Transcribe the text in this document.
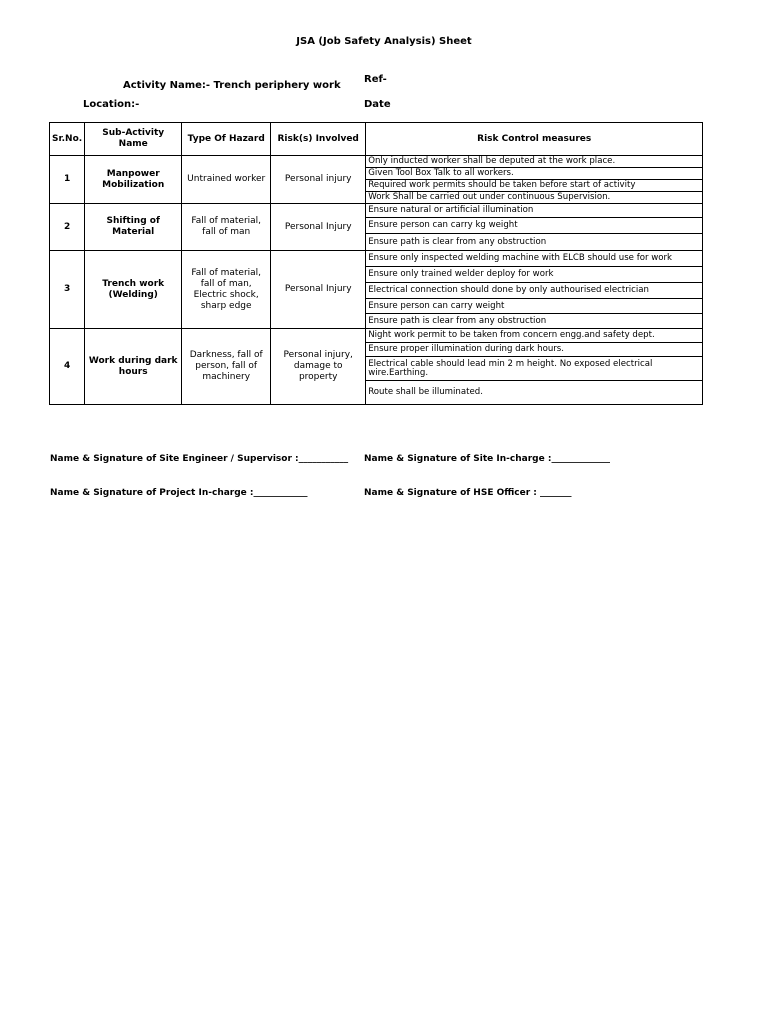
JSA (Job Safety Analysis) Sheet
Activity Name:- Trench periphery work
Ref-
Location:-	Date
Sr.No.	Sub-Activity Name	Type Of Hazard	Risk(s) Involved	Risk Control measures
1	Manpower Mobilization	Untrained worker	Personal injury	Only inducted worker shall be deputed at the work place.
				Given Tool Box Talk to all workers.
				Required work permits should be taken before start of activity
				Work Shall be carried out under continuous Supervision.
2	Shifting of Material	Fall of material, fall of man	Personal Injury	Ensure natural or artificial illumination
				Ensure person can carry kg weight
				Ensure path is clear from any obstruction
3	Trench work (Welding)	Fall of material, fall of man, Electric shock, sharp edge	Personal Injury	Ensure only inspected welding machine with ELCB should use for work
				Ensure only trained welder deploy for work
				Electrical connection should done by only authourised electrician
				Ensure person can carry weight
				Ensure path is clear from any obstruction
4	Work during dark hours	Darkness, fall of person, fall of machinery	Personal injury, damage to property	Night work permit to be taken from concern engg.and safety dept.
				Ensure proper illumination during dark hours.
				Electrical cable should lead min 2 m height. No exposed electrical wire.Earthing.
				Route shall be illuminated.
Name & Signature of Site Engineer / Supervisor :___________ Name & Signature of Site In-charge :_____________
Name & Signature of Project In-charge :____________	Name & Signature of HSE Officer : _______
